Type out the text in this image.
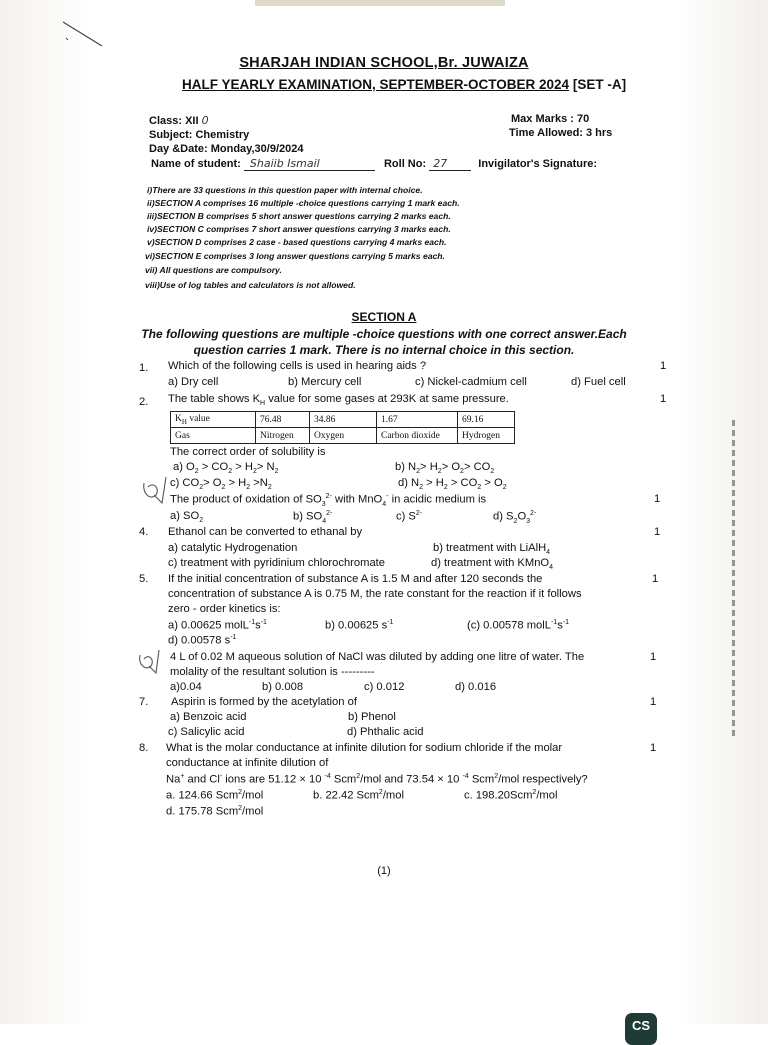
SHARJAH INDIAN SCHOOL,Br. JUWAIZA
HALF YEARLY EXAMINATION, SEPTEMBER-OCTOBER 2024 [SET -A]
Class: XII 0
Subject: Chemistry
Day &Date: Monday,30/9/2024
Name of student: Shaiib Ismail	Roll No: 27	Invigilator's Signature:
Max Marks : 70
Time Allowed: 3 hrs
i)There are 33 questions in this question paper with internal choice.
ii)SECTION A comprises 16 multiple -choice questions carrying 1 mark each.
iii)SECTION B comprises 5 short answer questions carrying 2 marks each.
iv)SECTION C comprises 7 short answer questions carrying 3 marks each.
v)SECTION D comprises 2 case - based questions carrying 4 marks each.
vi)SECTION E comprises 3 long answer questions carrying 5 marks each.
vii) All questions are compulsory.
viii)Use of log tables and calculators is not allowed.
SECTION A
The following questions are multiple -choice questions with one correct answer.Each
question carries 1 mark. There is no internal choice in this section.
1. Which of the following cells is used in hearing aids ?	1
a) Dry cell	b) Mercury cell	c) Nickel-cadmium cell	d) Fuel cell
2. The table shows $K_H$ value for some gases at 293K at same pressure.	1
$K_H$ value	76.48	34.86	1.67	69.16
Gas	Nitrogen	Oxygen	Carbon dioxide	Hydrogen
The correct order of solubility is
a) $O_2 > CO_2 > H_2> N_2$	b) $N_2> H_2> O_2> CO_2$
c) $CO_2> O_2 > H_2 >N_2$	d) $N_2 > H_2 > CO_2 > O_2$
The product of oxidation of $SO_3^{2-}$ with MnO$_4$- in acidic medium is	1
a) $SO_2$	b) $SO_4^{2-}$	c) $S^{2-}$	d) $S_2O_3^{2-}$
4. Ethanol can be converted to ethanal by	1
a) catalytic Hydrogenation	b) treatment with LiAlH$_4$
c) treatment with pyridinium chlorochromate	d) treatment with KMnO$_4$
5. If the initial concentration of substance A is 1.5 M and after 120 seconds the	1
concentration of substance A is 0.75 M, the rate constant for the reaction if it follows
zero - order kinetics is:
a) 0.00625 $molL^{-1}s^{-1}$	b) 0.00625 $s^{-1}$	(c) 0.00578 $molL^{-1}s^{-1}$
d) 0.00578 $s^{-1}$
4 L of 0.02 M aqueous solution of NaCl was diluted by adding one litre of water. The	1
molality of the resultant solution is ---------
a)0.04	b) 0.008	c) 0.012	d) 0.016
7. Aspirin is formed by the acetylation of	1
a) Benzoic acid	b) Phenol
c) Salicylic acid	d) Phthalic acid
8. What is the molar conductance at infinite dilution for sodium chloride if the molar	1
conductance at infinite dilution of
Na+ and Cl- ions are 51.12 × 10 $^{-4}$ Scm$^2$/mol and 73.54 × 10 $^{-4}$ Scm$^2$/mol respectively?
a. 124.66 Scm$^2$/mol	b. 22.42 Scm$^2$/mol	c. 198.20Scm$^2$/mol
d. 175.78 Scm$^2$/mol
(1)
CS
